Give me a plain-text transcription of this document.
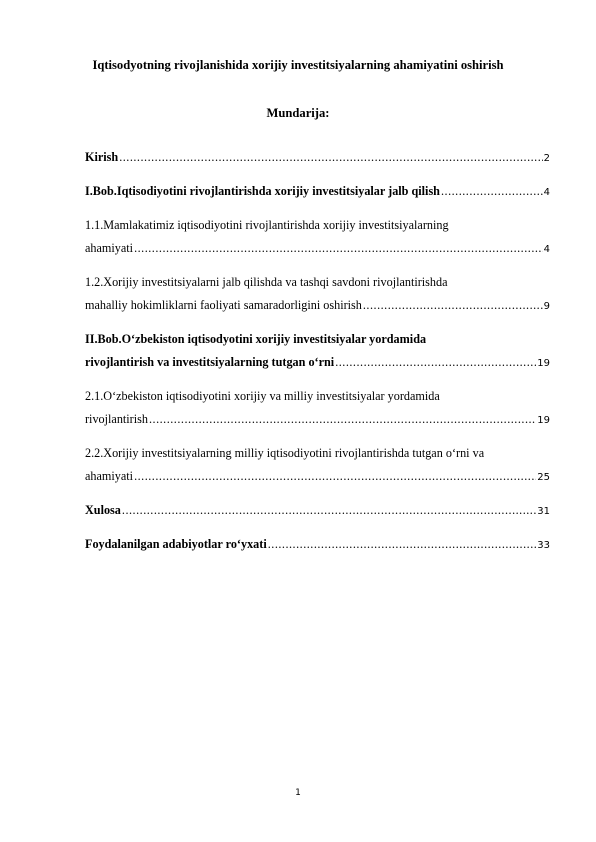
Iqtisodyotning rivojlanishida xorijiy investitsiyalarning ahamiyatini oshirish
Mundarija:
Kirish .....	2
I.Bob.Iqtisodiyotini rivojlantirishda xorijiy investitsiyalar jalb qilish .....	4
1.1.Mamlakatimiz iqtisodiyotini rivojlantirishda xorijiy investitsiyalarning
ahamiyati .....	4
1.2.Xorijiy investitsiyalarni jalb qilishda va tashqi savdoni rivojlantirishda
mahalliy hokimliklarni faoliyati samaradorligini oshirish .....	9
II.Bob.O‘zbekiston iqtisodyotini xorijiy investitsiyalar yordamida
rivojlantirish va investitsiyalarning tutgan o‘rni .....	19
2.1.O‘zbekiston iqtisodiyotini xorijiy va milliy investitsiyalar yordamida
rivojlantirish .....	19
2.2.Xorijiy investitsiyalarning milliy iqtisodiyotini rivojlantirishda tutgan o‘rni va
ahamiyati .....	25
Xulosa .....	31
Foydalanilgan adabiyotlar ro‘yxati .....	33
1
